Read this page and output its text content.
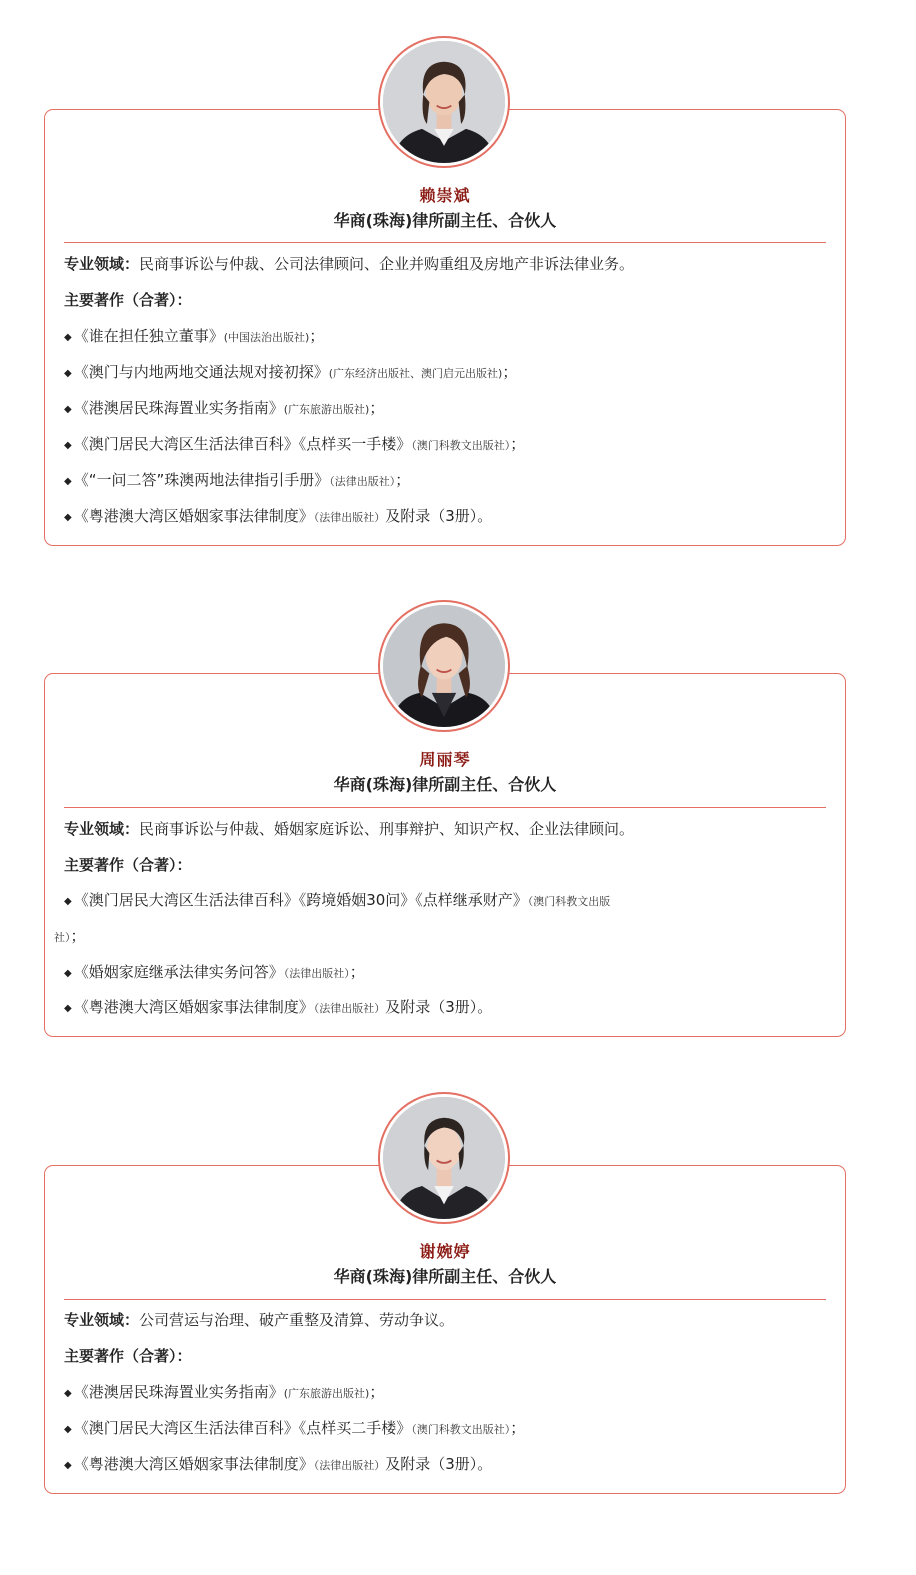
赖崇斌
华商(珠海)律所副主任、合伙人
专业领域：民商事诉讼与仲裁、公司法律顾问、企业并购重组及房地产非诉法律业务。
主要著作（合著）：
◆ 《谁在担任独立董事》(中国法治出版社)；
◆ 《澳门与内地两地交通法规对接初探》(广东经济出版社、澳门启元出版社)；
◆ 《港澳居民珠海置业实务指南》(广东旅游出版社)；
◆ 《澳门居民大湾区生活法律百科》《点样买一手楼》（澳门科教文出版社）；
◆ 《“一问二答”珠澳两地法律指引手册》（法律出版社）；
◆ 《粤港澳大湾区婚姻家事法律制度》（法律出版社）及附录（3册）。
周丽琴
华商(珠海)律所副主任、合伙人
专业领域：民商事诉讼与仲裁、婚姻家庭诉讼、刑事辩护、知识产权、企业法律顾问。
主要著作（合著）：
◆ 《澳门居民大湾区生活法律百科》《跨境婚姻30问》《点样继承财产》（澳门科教文出版
社）；
◆ 《婚姻家庭继承法律实务问答》（法律出版社）；
◆ 《粤港澳大湾区婚姻家事法律制度》（法律出版社）及附录（3册）。
谢婉婷
华商(珠海)律所副主任、合伙人
专业领域：公司营运与治理、破产重整及清算、劳动争议。
主要著作（合著）：
◆ 《港澳居民珠海置业实务指南》(广东旅游出版社)；
◆ 《澳门居民大湾区生活法律百科》《点样买二手楼》（澳门科教文出版社）；
◆ 《粤港澳大湾区婚姻家事法律制度》（法律出版社）及附录（3册）。
